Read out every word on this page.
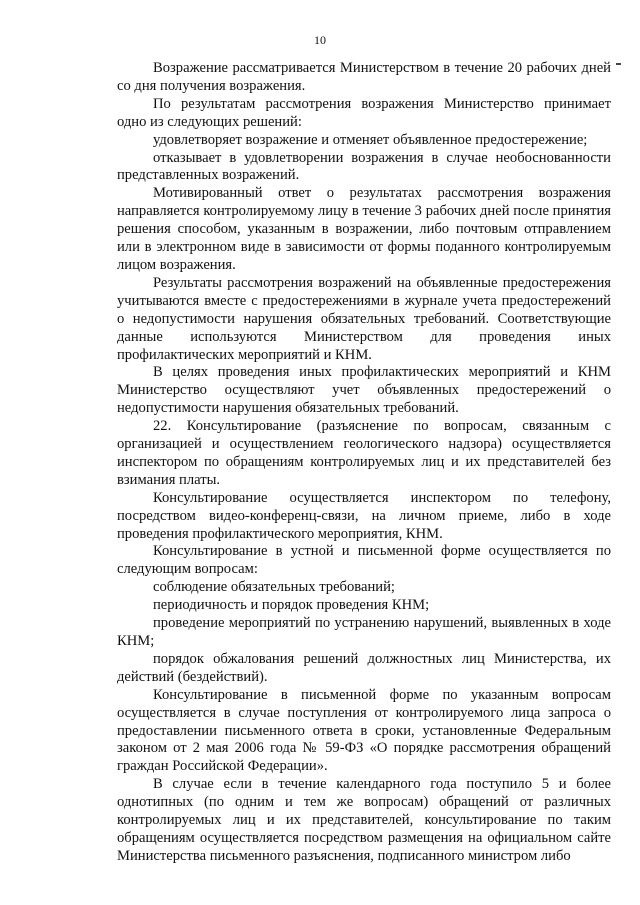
10

Возражение рассматривается Министерством в течение 20 рабочих дней со дня получения возражения.

По результатам рассмотрения возражения Министерство принимает одно из следующих решений:

удовлетворяет возражение и отменяет объявленное предостережение;

отказывает в удовлетворении возражения в случае необоснованности представленных возражений.

Мотивированный ответ о результатах рассмотрения возражения направляется контролируемому лицу в течение 3 рабочих дней после принятия решения способом, указанным в возражении, либо почтовым отправлением или в электронном виде в зависимости от формы поданного контролируемым лицом возражения.

Результаты рассмотрения возражений на объявленные предостережения учитываются вместе с предостережениями в журнале учета предостережений о недопустимости нарушения обязательных требований. Соответствующие данные используются Министерством для проведения иных профилактических мероприятий и КНМ.

В целях проведения иных профилактических мероприятий и КНМ Министерство осуществляют учет объявленных предостережений о недопустимости нарушения обязательных требований.

22. Консультирование (разъяснение по вопросам, связанным с организацией и осуществлением геологического надзора) осуществляется инспектором по обращениям контролируемых лиц и их представителей без взимания платы.

Консультирование осуществляется инспектором по телефону, посредством видео-конференц-связи, на личном приеме, либо в ходе проведения профилактического мероприятия, КНМ.

Консультирование в устной и письменной форме осуществляется по следующим вопросам:

соблюдение обязательных требований;

периодичность и порядок проведения КНМ;

проведение мероприятий по устранению нарушений, выявленных в ходе КНМ;

порядок обжалования решений должностных лиц Министерства, их действий (бездействий).

Консультирование в письменной форме по указанным вопросам осуществляется в случае поступления от контролируемого лица запроса о предоставлении письменного ответа в сроки, установленные Федеральным законом от 2 мая 2006 года № 59-ФЗ «О порядке рассмотрения обращений граждан Российской Федерации».

В случае если в течение календарного года поступило 5 и более однотипных (по одним и тем же вопросам) обращений от различных контролируемых лиц и их представителей, консультирование по таким обращениям осуществляется посредством размещения на официальном сайте Министерства письменного разъяснения, подписанного министром либо
